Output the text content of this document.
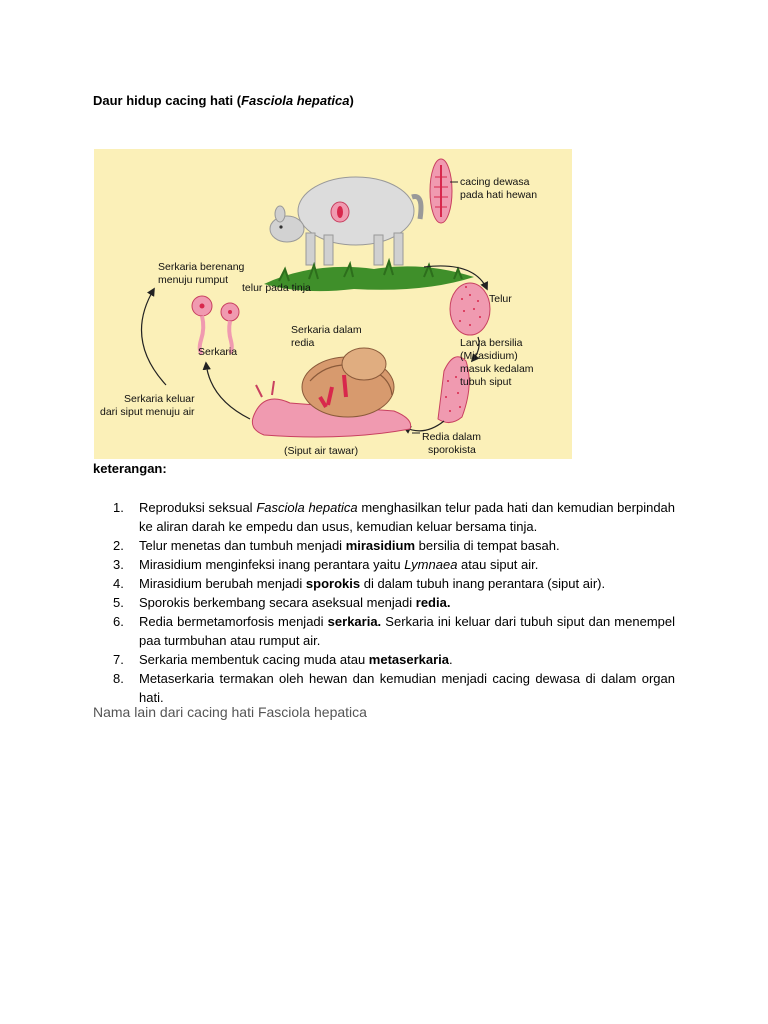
Daur hidup cacing hati (Fasciola hepatica)
cacing dewasa
pada hati hewan
telur pada tinja
Telur
Larva bersilia
(Mirasidium)
masuk kedalam
tubuh siput
(Siput air tawar)
Redia dalam
sporokista
Serkaria dalam
redia
Serkaria berenang
menuju rumput
Serkaria
Serkaria keluar
dari siput menuju air
keterangan:
1. Reproduksi seksual Fasciola hepatica menghasilkan telur pada hati dan kemudian berpindah ke aliran darah ke empedu dan usus, kemudian keluar bersama tinja.
2. Telur menetas dan tumbuh menjadi mirasidium bersilia di tempat basah.
3. Mirasidium menginfeksi inang perantara yaitu Lymnaea atau siput air.
4. Mirasidium berubah menjadi sporokis di dalam tubuh inang perantara (siput air).
5. Sporokis berkembang secara aseksual menjadi redia.
6. Redia bermetamorfosis menjadi serkaria. Serkaria ini keluar dari tubuh siput dan menempel paa turmbuhan atau rumput air.
7. Serkaria membentuk cacing muda atau metaserkaria.
8. Metaserkaria termakan oleh hewan dan kemudian menjadi cacing dewasa di dalam organ hati.
Nama lain dari cacing hati Fasciola hepatica
